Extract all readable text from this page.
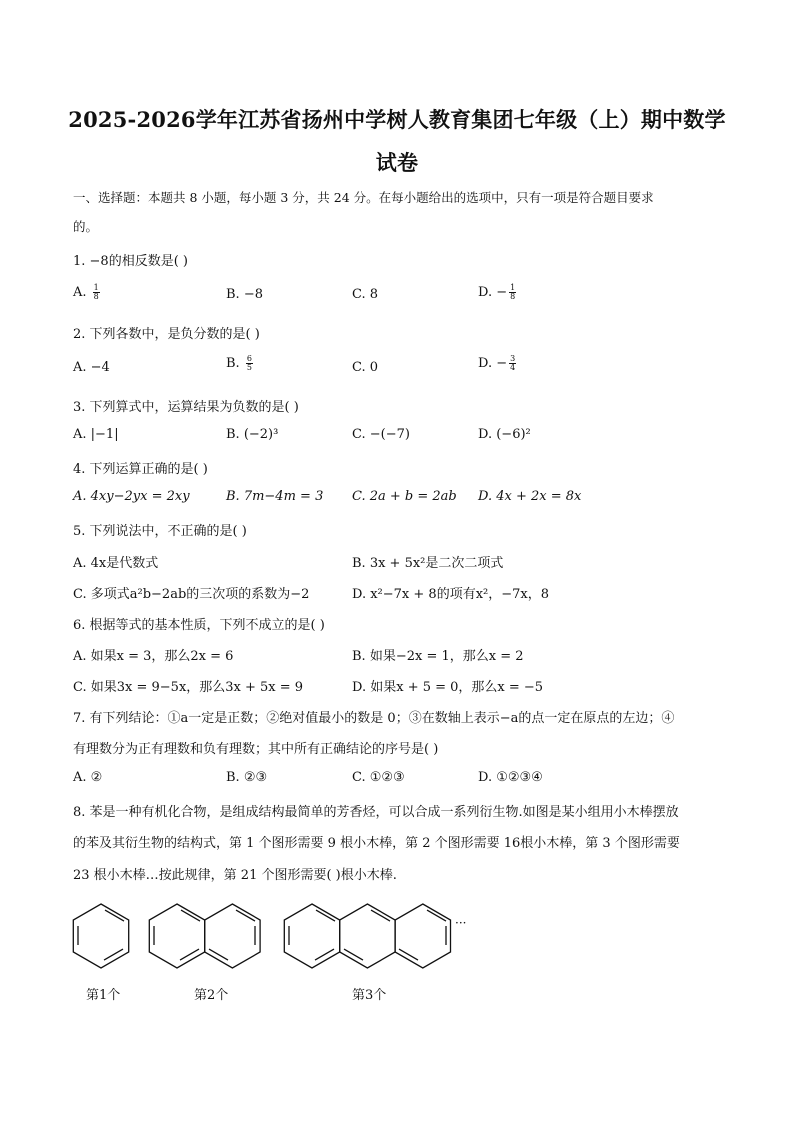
2025-2026学年江苏省扬州中学树人教育集团七年级（上）期中数学
试卷
一、选择题：本题共 8 小题，每小题 3 分，共 24 分。在每小题给出的选项中，只有一项是符合题目要求
的。
1. −8的相反数是( )
A. $\frac{1}{8}$	B. −8	C. 8	D. − $\frac{1}{8}$
2. 下列各数中，是负分数的是( )
A. −4	B. $\frac{6}{5}$	C. 0	D. − $\frac{3}{4}$
3. 下列算式中，运算结果为负数的是( )
A. |−1|	B. (−2)³	C. −(−7)	D. (−6)²
4. 下列运算正确的是( )
A. 4xy−2yx = 2xy	B. 7m−4m = 3 C. 2a + b = 2ab D. 4x + 2x = 8x
5. 下列说法中，不正确的是( )
A. 4x是代数式	B. 3x + 5x²是二次二项式
C. 多项式a²b−2ab的三次项的系数为−2	D. x²−7x + 8的项有x²，−7x，8
6. 根据等式的基本性质，下列不成立的是( )
A. 如果x = 3，那么2x = 6	B. 如果−2x = 1，那么x = 2
C. 如果3x = 9−5x，那么3x + 5x = 9	D. 如果x + 5 = 0，那么x = −5
7. 有下列结论：①a一定是正数；②绝对值最小的数是 0；③在数轴上表示−a的点一定在原点的左边；④
有理数分为正有理数和负有理数；其中所有正确结论的序号是( )
A. ②	B. ②③	C. ①②③	D. ①②③④
8. 苯是一种有机化合物，是组成结构最简单的芳香烃，可以合成一系列衍生物.如图是某小组用小木棒摆放
的苯及其衍生物的结构式，第 1 个图形需要 9 根小木棒，第 2 个图形需要 16根小木棒，第 3 个图形需要
23 根小木棒…按此规律，第 21 个图形需要( )根小木棒.
···
第1个	第2个	第3个
